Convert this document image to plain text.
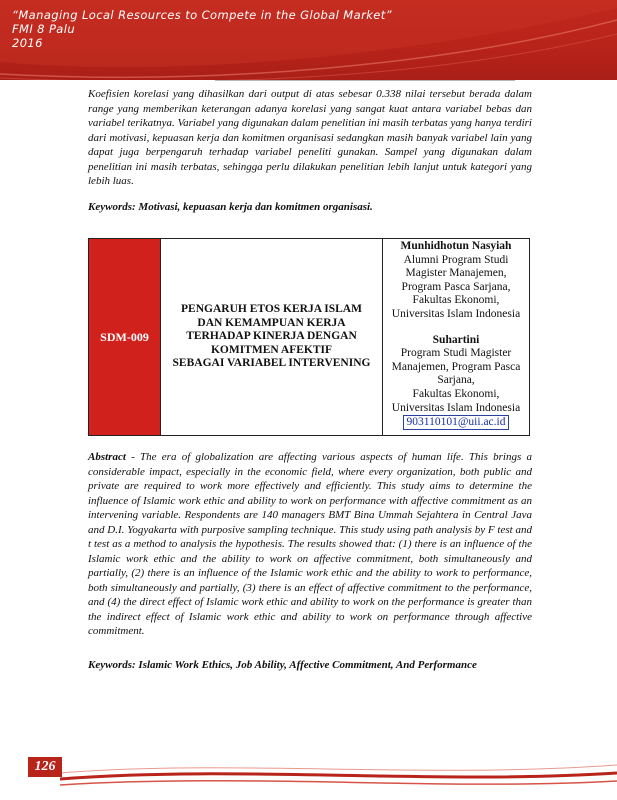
“Managing Local Resources to Compete in the Global Market”
FMI 8 Palu
2016
Koefisien korelasi yang dihasilkan dari output di atas sebesar 0.338 nilai tersebut berada dalam range yang memberikan keterangan adanya korelasi yang sangat kuat antara variabel bebas dan variabel terikatnya. Variabel yang digunakan dalam penelitian ini masih terbatas yang hanya terdiri dari motivasi, kepuasan kerja dan komitmen organisasi sedangkan masih banyak variabel lain yang dapat juga berpengaruh terhadap variabel peneliti gunakan. Sampel yang digunakan dalam penelitian ini masih terbatas, sehingga perlu dilakukan penelitian lebih lanjut untuk kategori yang lebih luas.
Keywords: Motivasi, kepuasan kerja dan komitmen organisasi.
SDM-009
PENGARUH ETOS KERJA ISLAM
DAN KEMAMPUAN KERJA
TERHADAP KINERJA DENGAN
KOMITMEN AFEKTIF
SEBAGAI VARIABEL INTERVENING
Munhidhotun Nasyiah
Alumni Program Studi
Magister Manajemen,
Program Pasca Sarjana,
Fakultas Ekonomi,
Universitas Islam Indonesia
Suhartini
Program Studi Magister
Manajemen, Program Pasca
Sarjana,
Fakultas Ekonomi,
Universitas Islam Indonesia
903110101@uii.ac.id
Abstract - The era of globalization are affecting various aspects of human life. This brings a considerable impact, especially in the economic field, where every organization, both public and private are required to work more effectively and efficiently. This study aims to determine the influence of Islamic work ethic and ability to work on performance with affective commitment as an intervening variable. Respondents are 140 managers BMT Bina Ummah Sejahtera in Central Java and D.I. Yogyakarta with purposive sampling technique. This study using path analysis by F test and t test as a method to analysis the hypothesis. The results showed that: (1) there is an influence of the Islamic work ethic and the ability to work on affective commitment, both simultaneously and partially, (2) there is an influence of the Islamic work ethic and the ability to work to performance, both simultaneously and partially, (3) there is an effect of affective commitment to the performance, and (4) the direct effect of Islamic work ethic and ability to work on the performance is greater than the indirect effect of Islamic work ethic and ability to work on performance through affective commitment.
Keywords: Islamic Work Ethics, Job Ability, Affective Commitment, And Performance
126
